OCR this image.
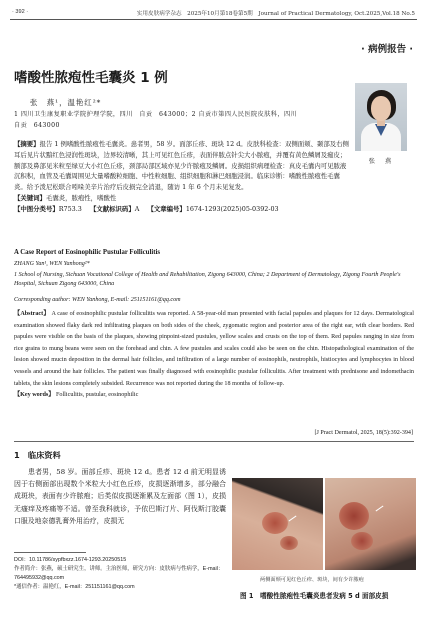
· 392 ·	实用皮肤病学杂志　2025年10月第18卷第5期　Journal of Practical Dermatology, Oct.2025,Vol.18 No.5
· 病例报告 ·
嗜酸性脓疱性毛囊炎 1 例
张　燕¹，温艳红²*
1 四川卫生康复职业学院护理学院，四川　自贡　643000；2 自贡市第四人民医院皮肤科，四川　自贡　643000
张　燕
【摘要】报告 1 例嗜酸性脓疱性毛囊炎。患者男，58 岁。面部丘疹、斑块 12 d。皮肤科检查：双侧面颊、颞部及右侧耳后见片状黯红色浸润性斑块，边界较清晰，其上可见红色丘疹，表面伴脓点针尖大小脓疱，并覆有黄色鳞屑及痂皮；额部及鼻部见米粒至绿豆大小红色丘疹，颈部局部区域亦见少许脓疱及鳞屑。皮损组织病理检查：真皮毛囊内可见脓液沉积积，血管及毛囊周围见大量嗜酸粒细胞、中性粒细胞、组织细胞和淋巴细胞浸润。临床诊断：嗜酸性脓疱性毛囊炎。给予泼尼松联合吲哚美辛片治疗后皮损完全消退，随访 1 年 6 个月未见复发。
【关键词】毛囊炎，脓疱性，嗜酸性
【中图分类号】R753.3 【文献标识码】A 【文章编号】1674-1293(2025)05-0392-03
A Case Report of Eosinophilic Pustular Folliculitis
ZHANG Yan¹, WEN Yanhong²*
1 School of Nursing, Sichuan Vocational College of Health and Rehabilitation, Zigong 643000, China; 2 Department of Dermatology, Zigong Fourth People's Hospital, Sichuan Zigong 643000, China
Corresponding author: WEN Yanhong, E-mail: 251151161@qq.com
【Abstract】 A case of eosinophilic pustular folliculitis was reported. A 58-year-old man presented with facial papules and plaques for 12 days. Dermatological examination showed flaky dark red infiltrating plaques on both sides of the cheek, zygomatic region and posterior area of the right ear, with clear borders. Red papules were visible on the basis of the plaques, showing pinpoint-sized pustules, yellow scales and crusts on the top of them. Red papules ranging in size from rice grains to mung beans were seen on the forehead and chin. A few pustules and scales could also be seen on the chin. Histopathological examination of the lesion showed mucin deposition in the dermal hair follicles, and infiltration of a large number of eosinophils, neutrophils, histiocytes and lymphocytes in blood vessels and around the hair follicles. The patient was finally diagnosed with eosinophilic pustular folliculitis. After treatment with prednisone and indomethacin tablets, the skin lesions completely subsided. Recurrence was not reported during the 18 months of follow-up.
【Key words】 Folliculitis, pustular, eosinophilic
[J Pract Dermatol, 2025, 18(5):392-394]
1　临床资料
患者男，58 岁。面部丘疹、斑块 12 d。患者 12 d 前无明显诱因于右侧面部出现数个米粒大小红色丘疹，皮损逐渐增多，部分融合成斑块，表面有少许脓疱；后类似皮损逐渐累及左面部（图 1），皮损无瘙痒及疼痛等不适。曾至我科就诊，予依巴斯汀片、阿伐斯汀胶囊口服及地奈德乳膏外用治疗，皮损无
DOI：10.11786/sypfbxzz.1674-1293.20250515
作者简介：张燕，硕士研究生，讲师。主治医师，研究方向：皮肤病与性病学，E-mail：764495932@qq.com
*通信作者：温艳红，E-mail：251151161@qq.com
两侧面颊可见红色丘疹、斑块，间有少许脓疱
图 1　嗜酸性脓疱性毛囊炎患者发病 5 d 面部皮损
